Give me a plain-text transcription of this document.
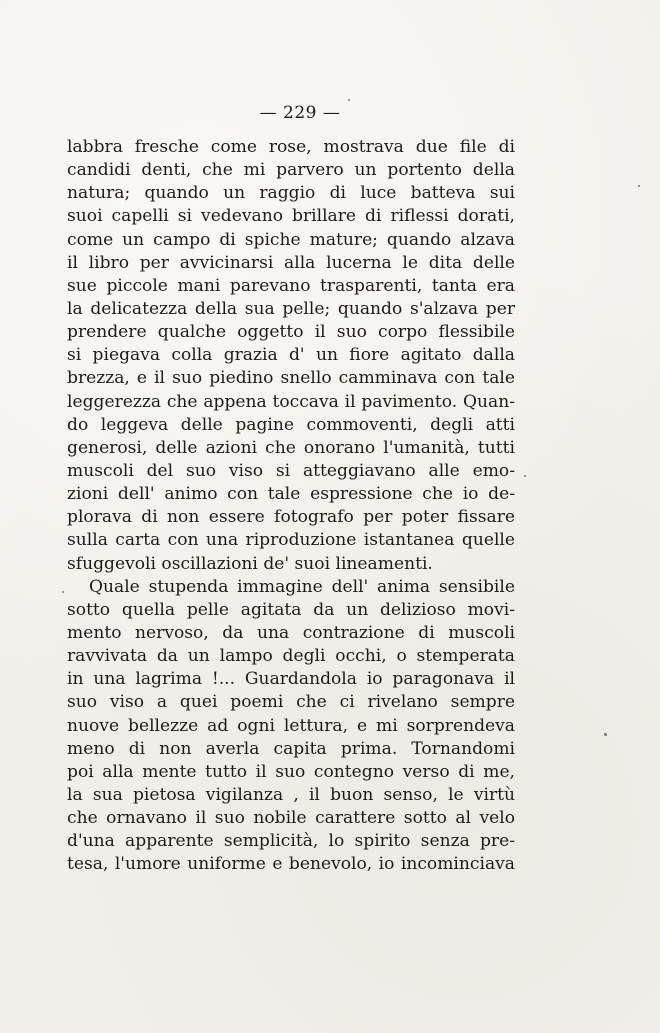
— 229 —
labbra fresche come rose, mostrava due file di
candidi denti, che mi parvero un portento della
natura; quando un raggio di luce batteva sui
suoi capelli si vedevano brillare di riflessi dorati,
come un campo di spiche mature; quando alzava
il libro per avvicinarsi alla lucerna le dita delle
sue piccole mani parevano trasparenti, tanta era
la delicatezza della sua pelle; quando s'alzava per
prendere qualche oggetto il suo corpo flessibile
si piegava colla grazia d' un fiore agitato dalla
brezza, e il suo piedino snello camminava con tale
leggerezza che appena toccava il pavimento. Quan-
do leggeva delle pagine commoventi, degli atti
generosi, delle azioni che onorano l'umanità, tutti
muscoli del suo viso si atteggiavano alle emo-
zioni dell' animo con tale espressione che io de-
plorava di non essere fotografo per poter fissare
sulla carta con una riproduzione istantanea quelle
sfuggevoli oscillazioni de' suoi lineamenti.
Quale stupenda immagine dell' anima sensibile
sotto quella pelle agitata da un delizioso movi-
mento nervoso, da una contrazione di muscoli
ravvivata da un lampo degli occhi, o stemperata
in una lagrima !... Guardandola io paragonava il
suo viso a quei poemi che ci rivelano sempre
nuove bellezze ad ogni lettura, e mi sorprendeva
meno di non averla capita prima. Tornandomi
poi alla mente tutto il suo contegno verso di me,
la sua pietosa vigilanza , il buon senso, le virtù
che ornavano il suo nobile carattere sotto al velo
d'una apparente semplicità, lo spirito senza pre-
tesa, l'umore uniforme e benevolo, io incominciava
